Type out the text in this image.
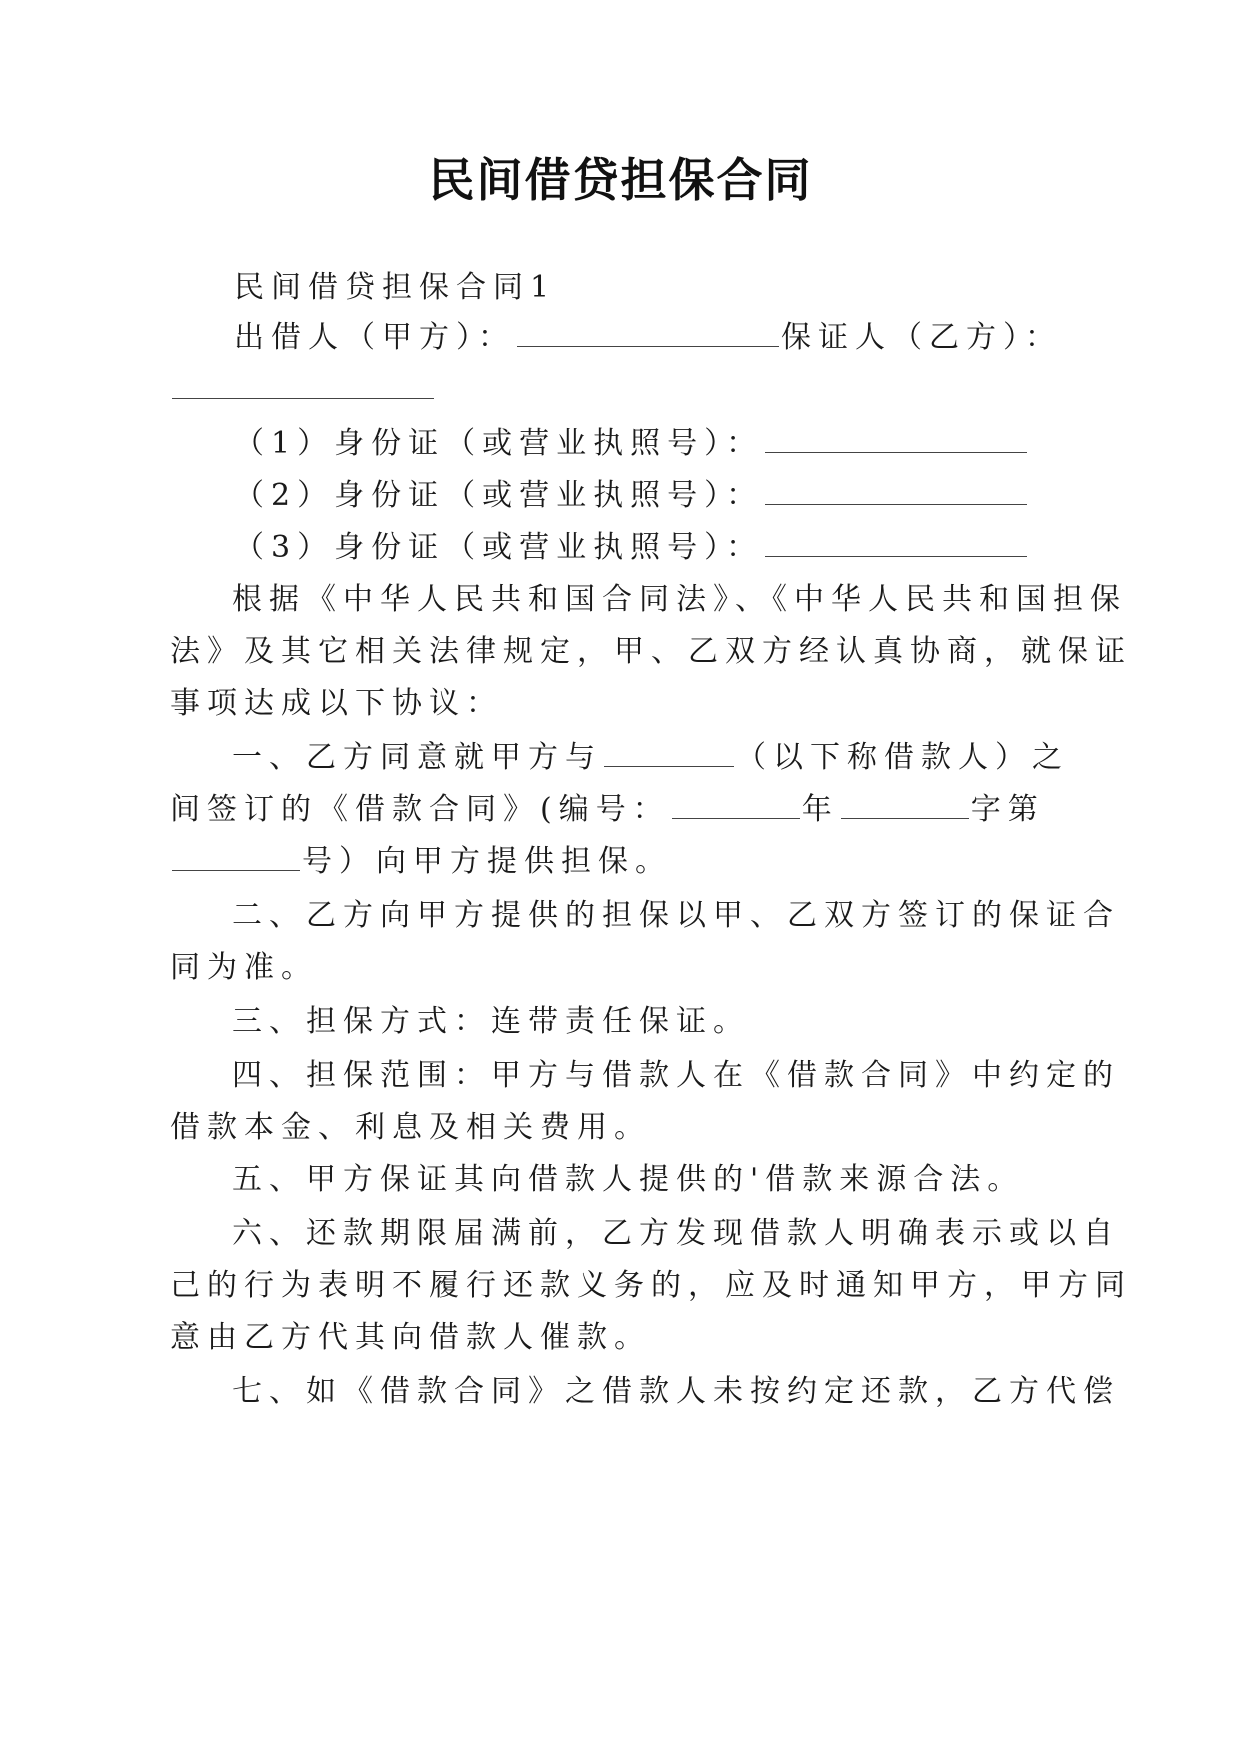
民间借贷担保合同
民间借贷担保合同1
出借人（甲方）：	保证人（乙方）：
（1）身份证（或营业执照号）：
（2）身份证（或营业执照号）：
（3）身份证（或营业执照号）：
根据《中华人民共和国合同法》、《中华人民共和国担保
法》及其它相关法律规定，甲、乙双方经认真协商，就保证
事项达成以下协议：
一、乙方同意就甲方与	（以下称借款人）之
间签订的《借款合同》(编号：	年	字第
号）向甲方提供担保。
二、乙方向甲方提供的担保以甲、乙双方签订的保证合
同为准。
三、担保方式：连带责任保证。
四、担保范围：甲方与借款人在《借款合同》中约定的
借款本金、利息及相关费用。
五、甲方保证其向借款人提供的'借款来源合法。
六、还款期限届满前，乙方发现借款人明确表示或以自
己的行为表明不履行还款义务的，应及时通知甲方，甲方同
意由乙方代其向借款人催款。
七、如《借款合同》之借款人未按约定还款，乙方代偿
